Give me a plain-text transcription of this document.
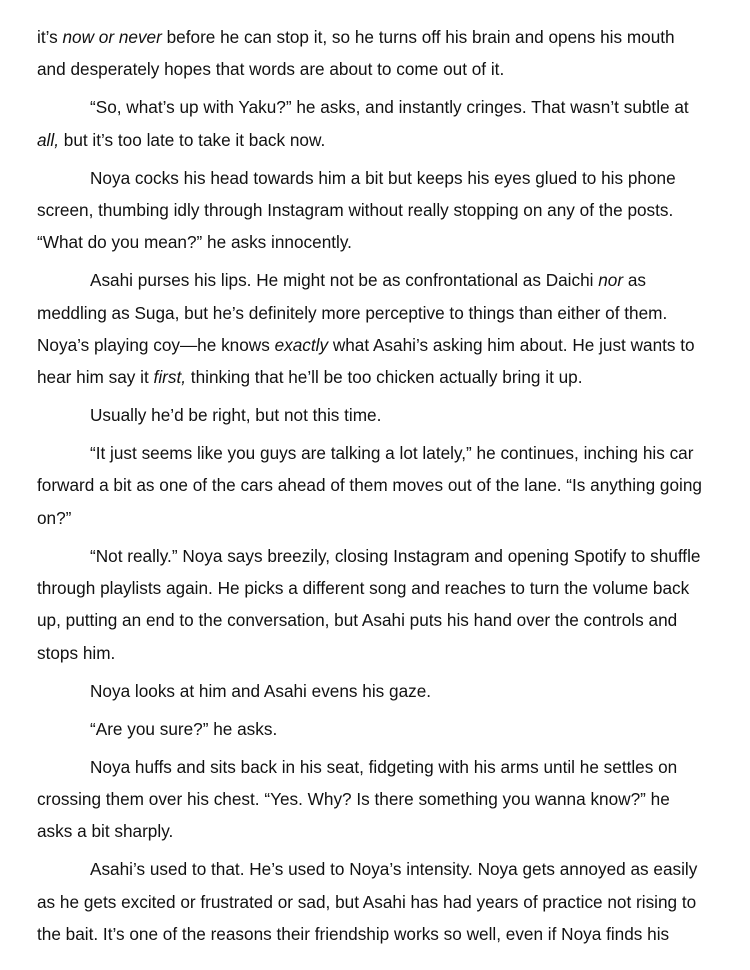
it’s now or never before he can stop it, so he turns off his brain and opens his mouth
and desperately hopes that words are about to come out of it.
“So, what’s up with Yaku?” he asks, and instantly cringes. That wasn’t subtle at
all, but it’s too late to take it back now.
Noya cocks his head towards him a bit but keeps his eyes glued to his phone
screen, thumbing idly through Instagram without really stopping on any of the posts.
“What do you mean?” he asks innocently.
Asahi purses his lips. He might not be as confrontational as Daichi nor as
meddling as Suga, but he’s definitely more perceptive to things than either of them.
Noya’s playing coy—he knows exactly what Asahi’s asking him about. He just wants to
hear him say it first, thinking that he’ll be too chicken actually bring it up.
Usually he’d be right, but not this time.
“It just seems like you guys are talking a lot lately,” he continues, inching his car
forward a bit as one of the cars ahead of them moves out of the lane. “Is anything going
on?”
“Not really.” Noya says breezily, closing Instagram and opening Spotify to shuffle
through playlists again. He picks a different song and reaches to turn the volume back
up, putting an end to the conversation, but Asahi puts his hand over the controls and
stops him.
Noya looks at him and Asahi evens his gaze.
“Are you sure?” he asks.
Noya huffs and sits back in his seat, fidgeting with his arms until he settles on
crossing them over his chest. “Yes. Why? Is there something you wanna know?” he
asks a bit sharply.
Asahi’s used to that. He’s used to Noya’s intensity. Noya gets annoyed as easily
as he gets excited or frustrated or sad, but Asahi has had years of practice not rising to
the bait. It’s one of the reasons their friendship works so well, even if Noya finds his
